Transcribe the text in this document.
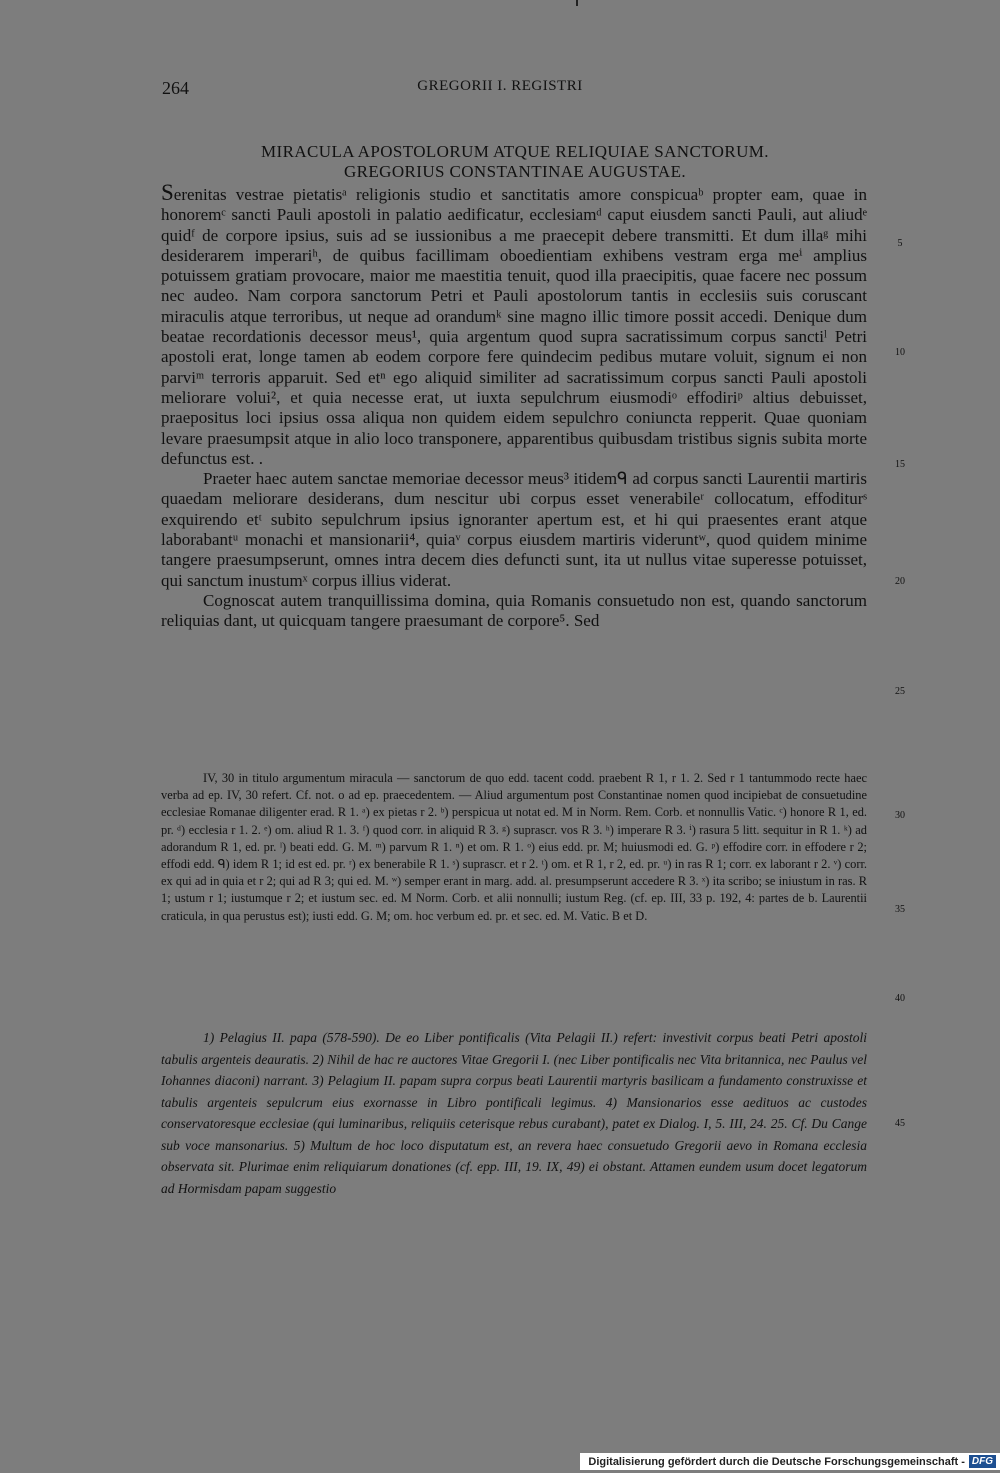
264	GREGORII I. REGISTRI
MIRACULA APOSTOLORUM ATQUE RELIQUIAE SANCTORUM.
GREGORIUS CONSTANTINAE AUGUSTAE.

Serenitas vestrae pietatisᵃ religionis studio et sanctitatis amore conspicuaᵇ propter eam, quae in honoremᶜ sancti Pauli apostoli in palatio aedificatur, ecclesiamᵈ caput eiusdem sancti Pauli, aut aliudᵉ quidᶠ de corpore ipsius, suis ad se iussionibus a me praecepit debere transmitti. Et dum illaᵍ mihi desiderarem imperariʰ, de quibus facillimam oboedientiam exhibens vestram erga meⁱ amplius potuissem gratiam provocare, maior me maestitia tenuit, quod illa praecipitis, quae facere nec possum nec audeo. Nam corpora sanctorum Petri et Pauli apostolorum tantis in ecclesiis suis coruscant miraculis atque terroribus, ut neque ad orandumᵏ sine magno illic timore possit accedi. Denique dum beatae recordationis decessor meus¹, quia argentum quod supra sacratissimum corpus sanctiˡ Petri apostoli erat, longe tamen ab eodem corpore fere quindecim pedibus mutare voluit, signum ei non parviᵐ terroris apparuit. Sed etⁿ ego aliquid similiter ad sacratissimum corpus sancti Pauli apostoli meliorare volui², et quia necesse erat, ut iuxta sepulchrum eiusmodiᵒ effodiriᵖ altius debuisset, praepositus loci ipsius ossa aliqua non quidem eidem sepulchro coniuncta repperit. Quae quoniam levare praesumpsit atque in alio loco transponere, apparentibus quibusdam tristibus signis subita morte defunctus est. .

Praeter haec autem sanctae memoriae decessor meus³ itidemᑫ ad corpus sancti Laurentii martiris quaedam meliorare desiderans, dum nescitur ubi corpus esset venerabileʳ collocatum, effoditurˢ exquirendo etᵗ subito sepulchrum ipsius ignoranter apertum est, et hi qui praesentes erant atque laborabantᵘ monachi et mansionarii⁴, quiaᵛ corpus eiusdem martiris videruntʷ, quod quidem minime tangere praesumpserunt, omnes intra decem dies defuncti sunt, ita ut nullus vitae superesse potuisset, qui sanctum inustumˣ corpus illius viderat.

Cognoscat autem tranquillissima domina, quia Romanis consuetudo non est, quando sanctorum reliquias dant, ut quicquam tangere praesumant de corpore⁵. Sed

5
10
15
20
25
30
35
40
45

IV, 30 in titulo argumentum miracula — sanctorum de quo edd. tacent codd. praebent R 1, r 1. 2. Sed r 1 tantummodo recte haec verba ad ep. IV, 30 refert. Cf. not. o ad ep. praecedentem. — Aliud argumentum post Constantinae nomen quod incipiebat de consuetudine ecclesiae Romanae diligenter erad. R 1. ᵃ) ex pietas r 2. ᵇ) perspicua ut notat ed. M in Norm. Rem. Corb. et nonnullis Vatic. ᶜ) honore R 1, ed. pr. ᵈ) ecclesia r 1. 2. ᵉ) om. aliud R 1. 3. ᶠ) quod corr. in aliquid R 3. ᵍ) suprascr. vos R 3. ʰ) imperare R 3. ⁱ) rasura 5 litt. sequitur in R 1. ᵏ) ad adorandum R 1, ed. pr. ˡ) beati edd. G. M. ᵐ) parvum R 1. ⁿ) et om. R 1. ᵒ) eius edd. pr. M; huiusmodi ed. G. ᵖ) effodire corr. in effodere r 2; effodi edd. ᑫ) idem R 1; id est ed. pr. ʳ) ex benerabile R 1. ˢ) suprascr. et r 2. ᵗ) om. et R 1, r 2, ed. pr. ᵘ) in ras R 1; corr. ex laborant r 2. ᵛ) corr. ex qui ad in quia et r 2; qui ad R 3; qui ed. M. ʷ) semper erant in marg. add. al. presumpserunt accedere R 3. ˣ) ita scribo; se iniustum in ras. R 1; ustum r 1; iustumque r 2; et iustum sec. ed. M Norm. Corb. et alii nonnulli; iustum Reg. (cf. ep. III, 33 p. 192, 4: partes de b. Laurentii craticula, in qua perustus est); iusti edd. G. M; om. hoc verbum ed. pr. et sec. ed. M. Vatic. B et D.

1) Pelagius II. papa (578-590). De eo Liber pontificalis (Vita Pelagii II.) refert: investivit corpus beati Petri apostoli tabulis argenteis deauratis. 2) Nihil de hac re auctores Vitae Gregorii I. (nec Liber pontificalis nec Vita britannica, nec Paulus vel Iohannes diaconi) narrant. 3) Pelagium II. papam supra corpus beati Laurentii martyris basilicam a fundamento construxisse et tabulis argenteis sepulcrum eius exornasse in Libro pontificali legimus. 4) Mansionarios esse aedituos ac custodes conservatoresque ecclesiae (qui luminaribus, reliquiis ceterisque rebus curabant), patet ex Dialog. I, 5. III, 24. 25. Cf. Du Cange sub voce mansonarius. 5) Multum de hoc loco disputatum est, an revera haec consuetudo Gregorii aevo in Romana ecclesia observata sit. Plurimae enim reliquiarum donationes (cf. epp. III, 19. IX, 49) ei obstant. Attamen eundem usum docet legatorum ad Hormisdam papam suggestio

Digitalisierung gefördert durch die Deutsche Forschungsgemeinschaft - DFG
